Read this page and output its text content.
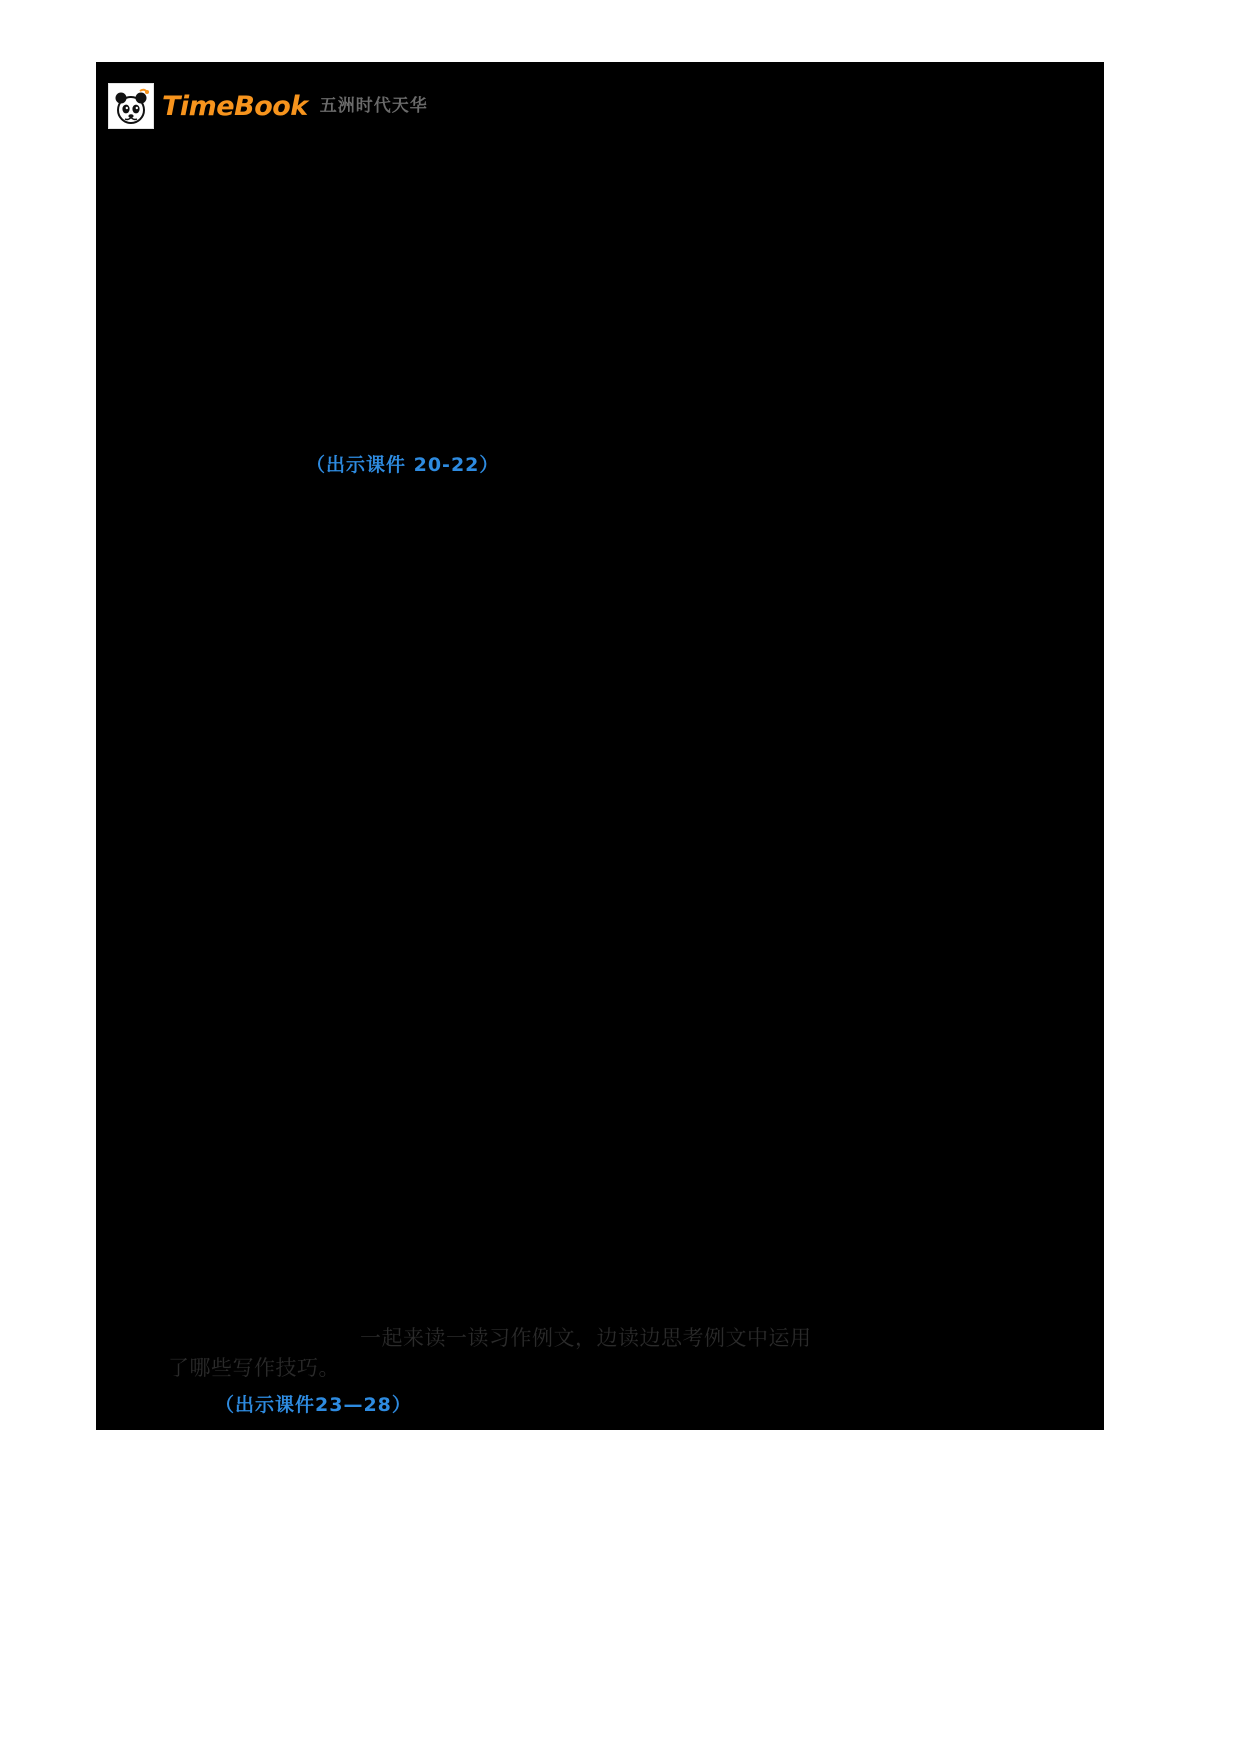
TimeBook 五洲时代天华
一起来读一读习作例文，边读边思考例文中运用
了哪些写作技巧。
（出示课件 20-22）
（出示课件23—28）
